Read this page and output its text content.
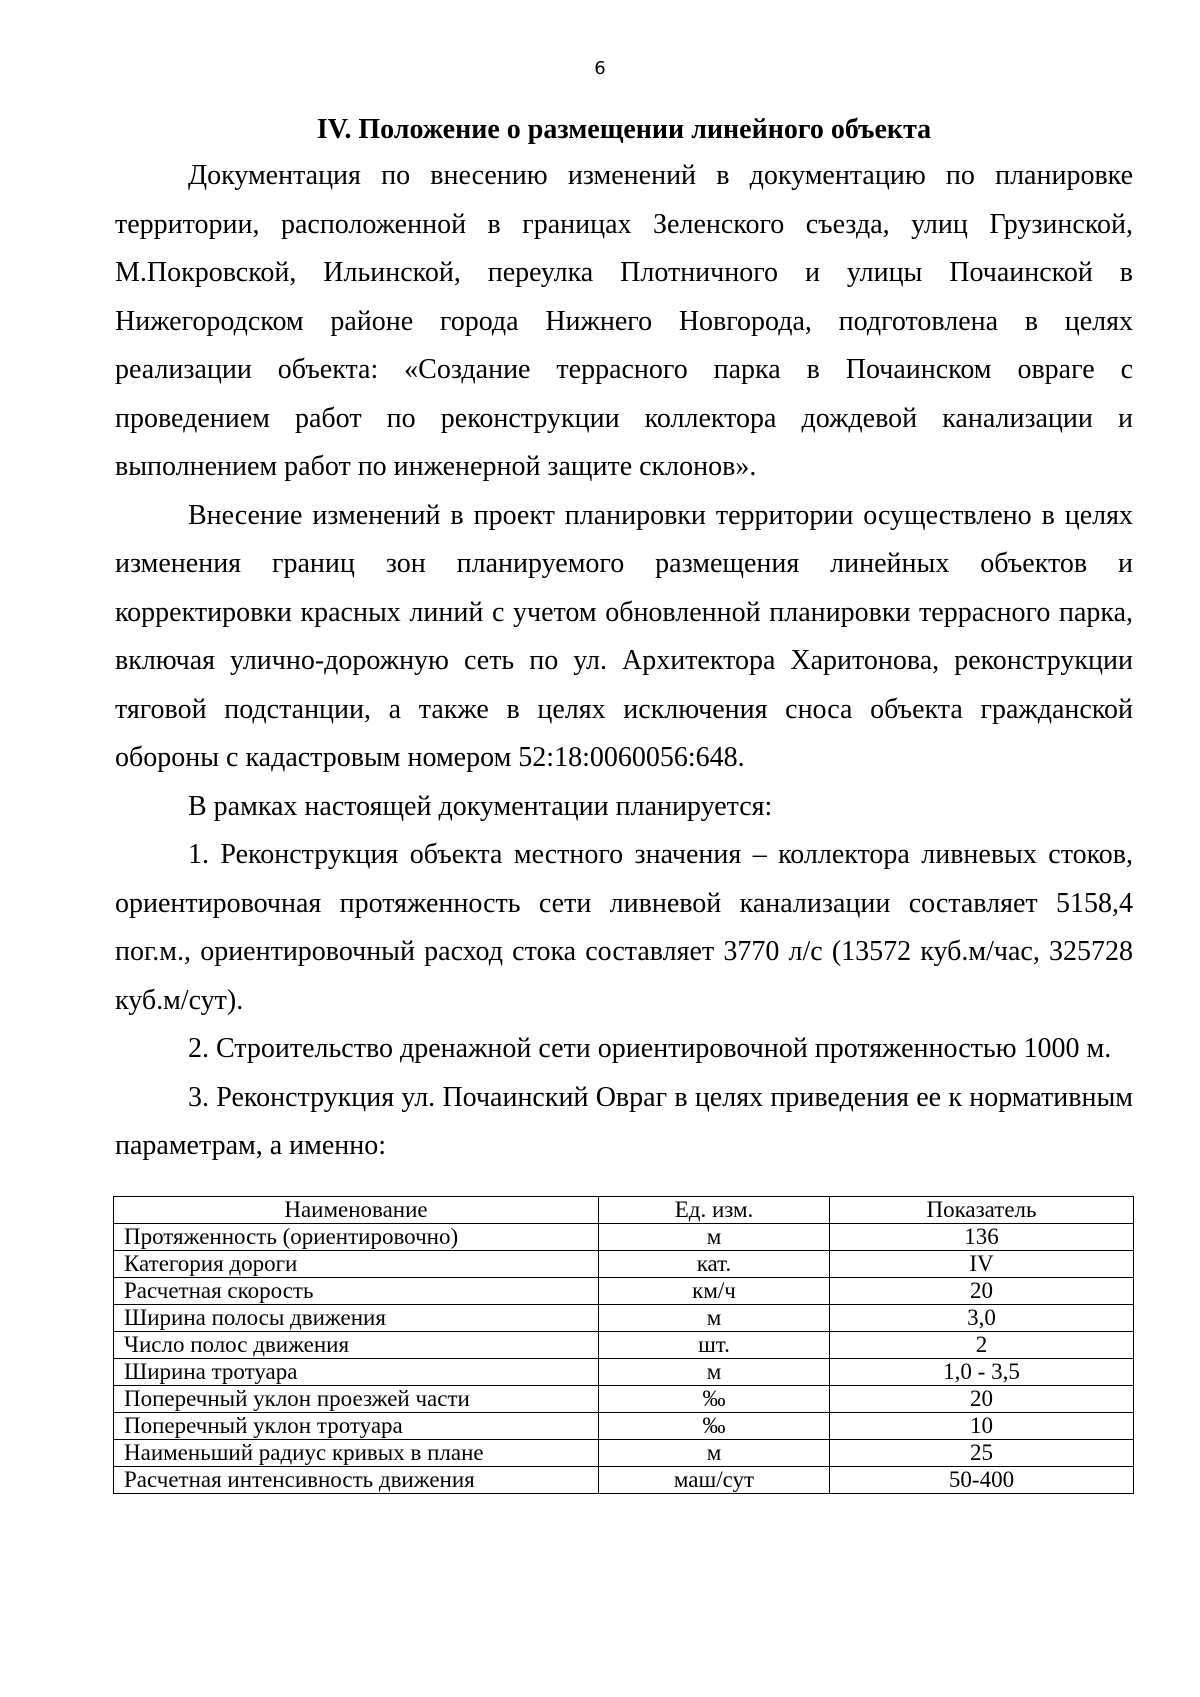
6
IV. Положение о размещении линейного объекта

Документация по внесению изменений в документацию по планировке территории, расположенной в границах Зеленского съезда, улиц Грузинской, М.Покровской, Ильинской, переулка Плотничного и улицы Почаинской в Нижегородском районе города Нижнего Новгорода, подготовлена в целях реализации объекта: «Создание террасного парка в Почаинском овраге с проведением работ по реконструкции коллектора дождевой канализации и выполнением работ по инженерной защите склонов».

Внесение изменений в проект планировки территории осуществлено в целях изменения границ зон планируемого размещения линейных объектов и корректировки красных линий с учетом обновленной планировки террасного парка, включая улично-дорожную сеть по ул. Архитектора Харитонова, реконструкции тяговой подстанции, а также в целях исключения сноса объекта гражданской обороны с кадастровым номером 52:18:0060056:648.

В рамках настоящей документации планируется:

1. Реконструкция объекта местного значения – коллектора ливневых стоков, ориентировочная протяженность сети ливневой канализации составляет 5158,4 пог.м., ориентировочный расход стока составляет 3770 л/с (13572 куб.м/час, 325728 куб.м/сут).

2. Строительство дренажной сети ориентировочной протяженностью 1000 м.

3. Реконструкция ул. Почаинский Овраг в целях приведения ее к нормативным параметрам, а именно:

Наименование	Ед. изм.	Показатель
Протяженность (ориентировочно)	м	136
Категория дороги	кат.	IV
Расчетная скорость	км/ч	20
Ширина полосы движения	м	3,0
Число полос движения	шт.	2
Ширина тротуара	м	1,0 - 3,5
Поперечный уклон проезжей части	‰	20
Поперечный уклон тротуара	‰	10
Наименьший радиус кривых в плане	м	25
Расчетная интенсивность движения	маш/сут	50-400
